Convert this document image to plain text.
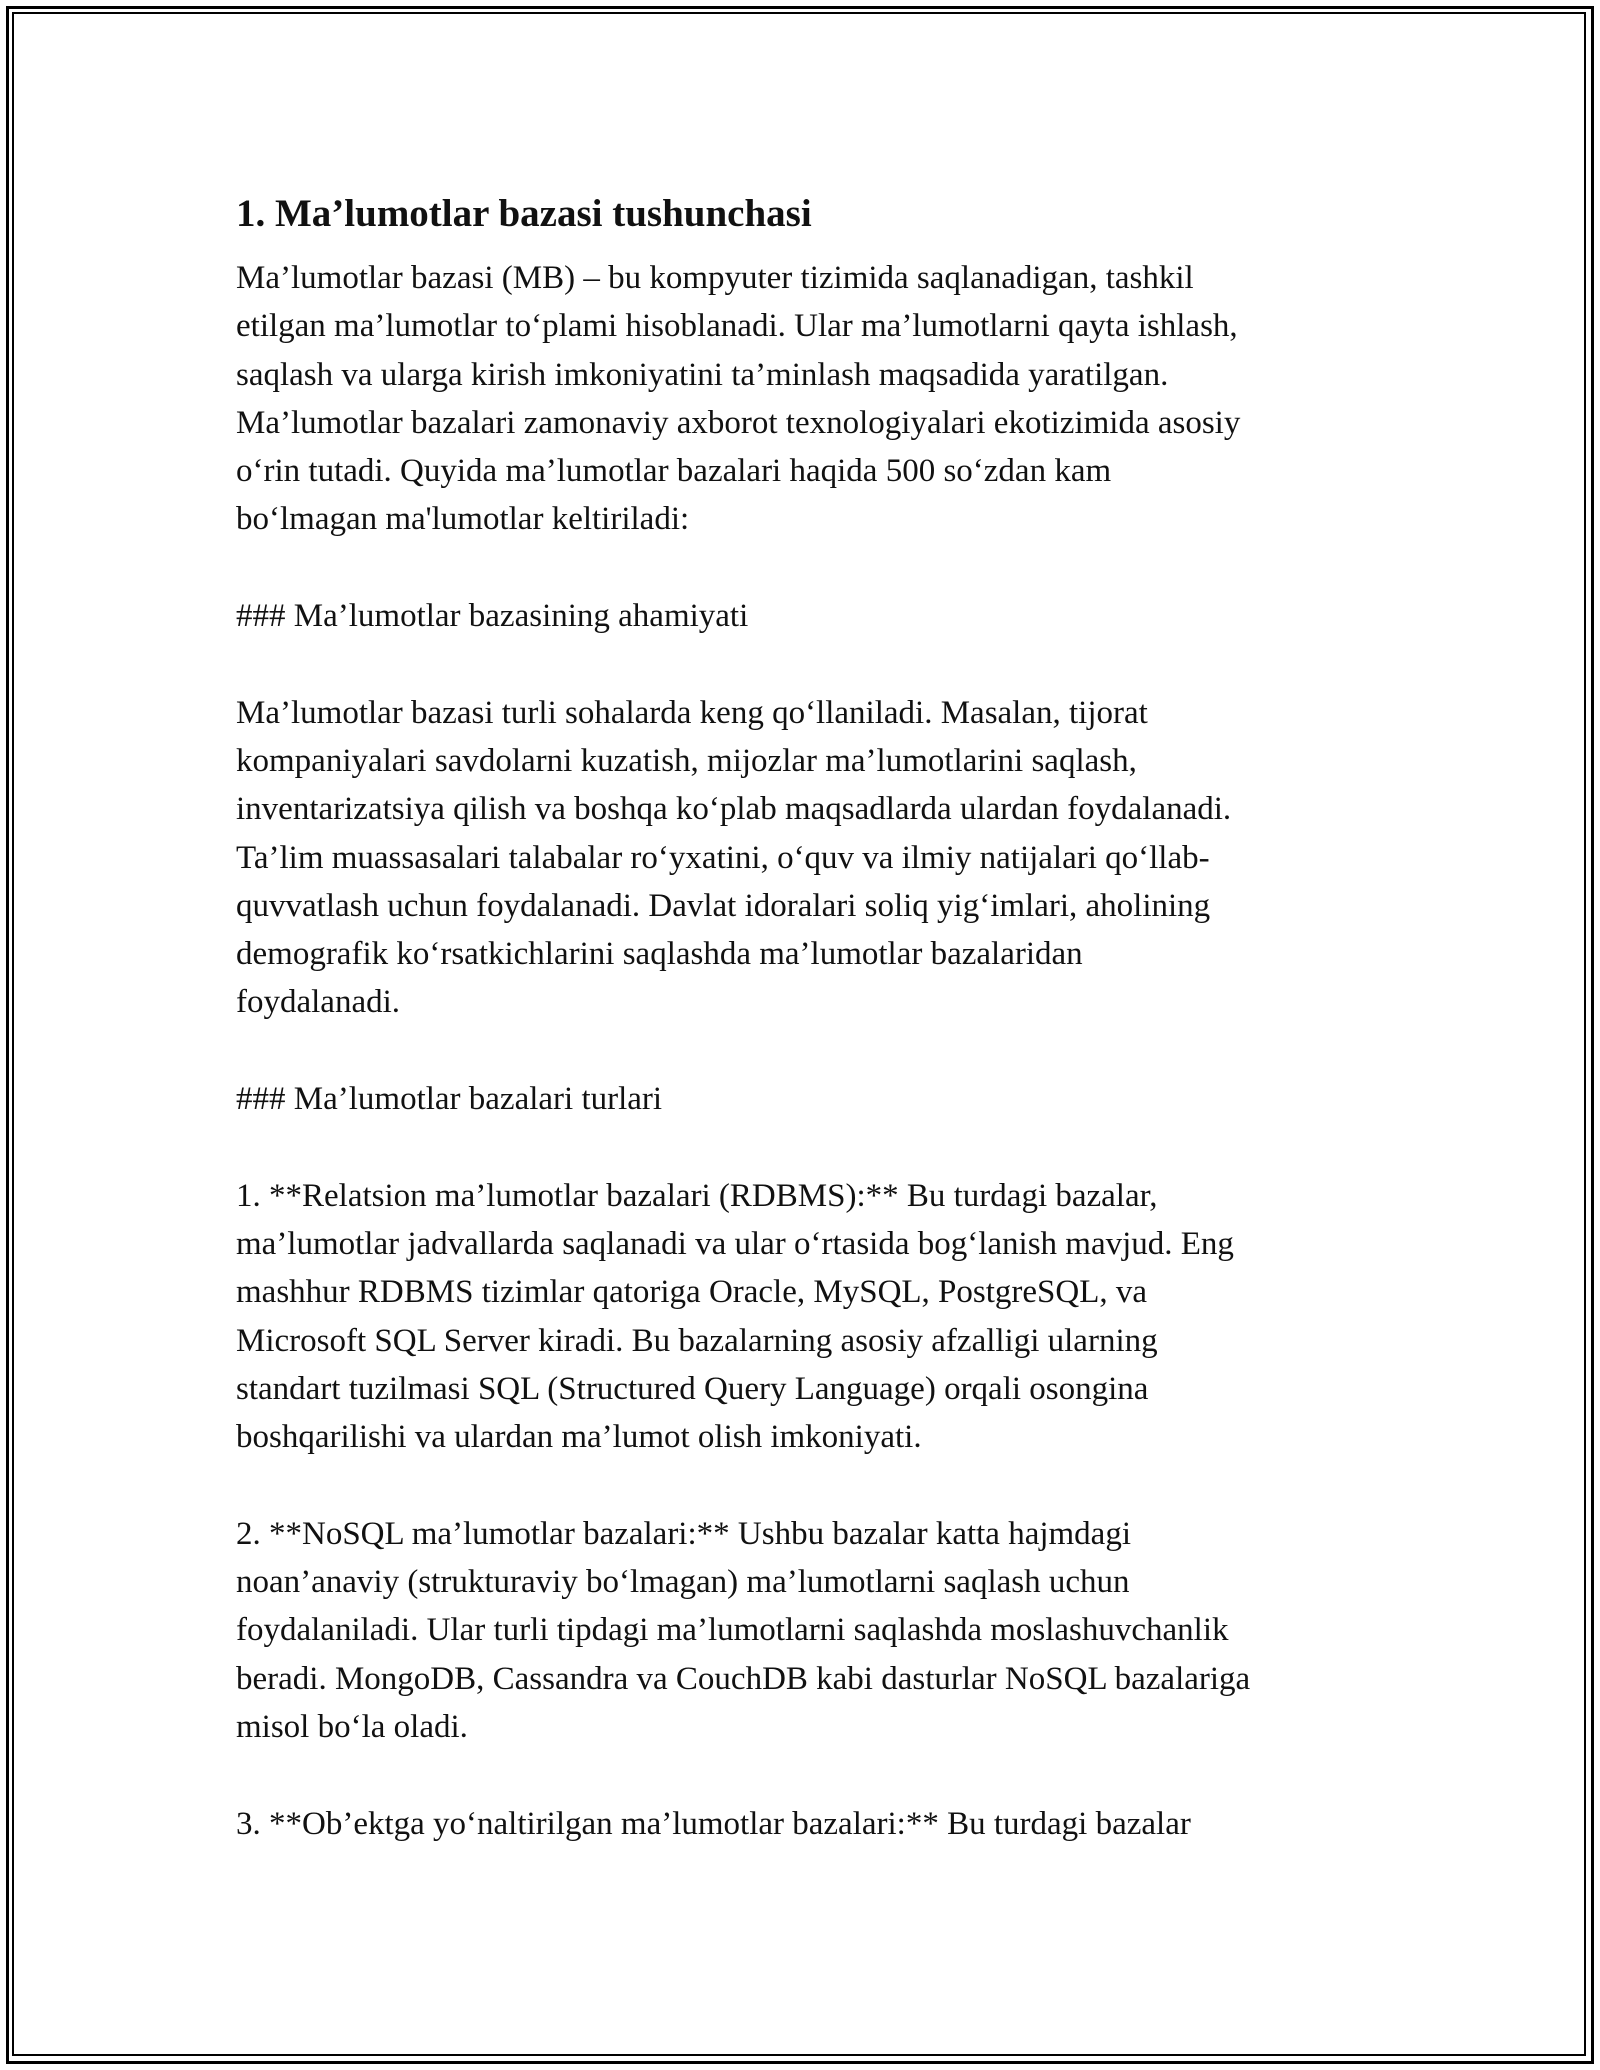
1. Ma’lumotlar bazasi tushunchasi

Ma’lumotlar bazasi (MB) – bu kompyuter tizimida saqlanadigan, tashkil
etilgan ma’lumotlar to‘plami hisoblanadi. Ular ma’lumotlarni qayta ishlash,
saqlash va ularga kirish imkoniyatini ta’minlash maqsadida yaratilgan.
Ma’lumotlar bazalari zamonaviy axborot texnologiyalari ekotizimida asosiy
o‘rin tutadi. Quyida ma’lumotlar bazalari haqida 500 so‘zdan kam
bo‘lmagan ma'lumotlar keltiriladi:

### Ma’lumotlar bazasining ahamiyati

Ma’lumotlar bazasi turli sohalarda keng qo‘llaniladi. Masalan, tijorat
kompaniyalari savdolarni kuzatish, mijozlar ma’lumotlarini saqlash,
inventarizatsiya qilish va boshqa ko‘plab maqsadlarda ulardan foydalanadi.
Ta’lim muassasalari talabalar ro‘yxatini, o‘quv va ilmiy natijalari qo‘llab-
quvvatlash uchun foydalanadi. Davlat idoralari soliq yig‘imlari, aholining
demografik ko‘rsatkichlarini saqlashda ma’lumotlar bazalaridan
foydalanadi.

### Ma’lumotlar bazalari turlari

1. **Relatsion ma’lumotlar bazalari (RDBMS):** Bu turdagi bazalar,
ma’lumotlar jadvallarda saqlanadi va ular o‘rtasida bog‘lanish mavjud. Eng
mashhur RDBMS tizimlar qatoriga Oracle, MySQL, PostgreSQL, va
Microsoft SQL Server kiradi. Bu bazalarning asosiy afzalligi ularning
standart tuzilmasi SQL (Structured Query Language) orqali osongina
boshqarilishi va ulardan ma’lumot olish imkoniyati.

2. **NoSQL ma’lumotlar bazalari:** Ushbu bazalar katta hajmdagi
noan’anaviy (strukturaviy bo‘lmagan) ma’lumotlarni saqlash uchun
foydalaniladi. Ular turli tipdagi ma’lumotlarni saqlashda moslashuvchanlik
beradi. MongoDB, Cassandra va CouchDB kabi dasturlar NoSQL bazalariga
misol bo‘la oladi.

3. **Ob’ektga yo‘naltirilgan ma’lumotlar bazalari:** Bu turdagi bazalar
